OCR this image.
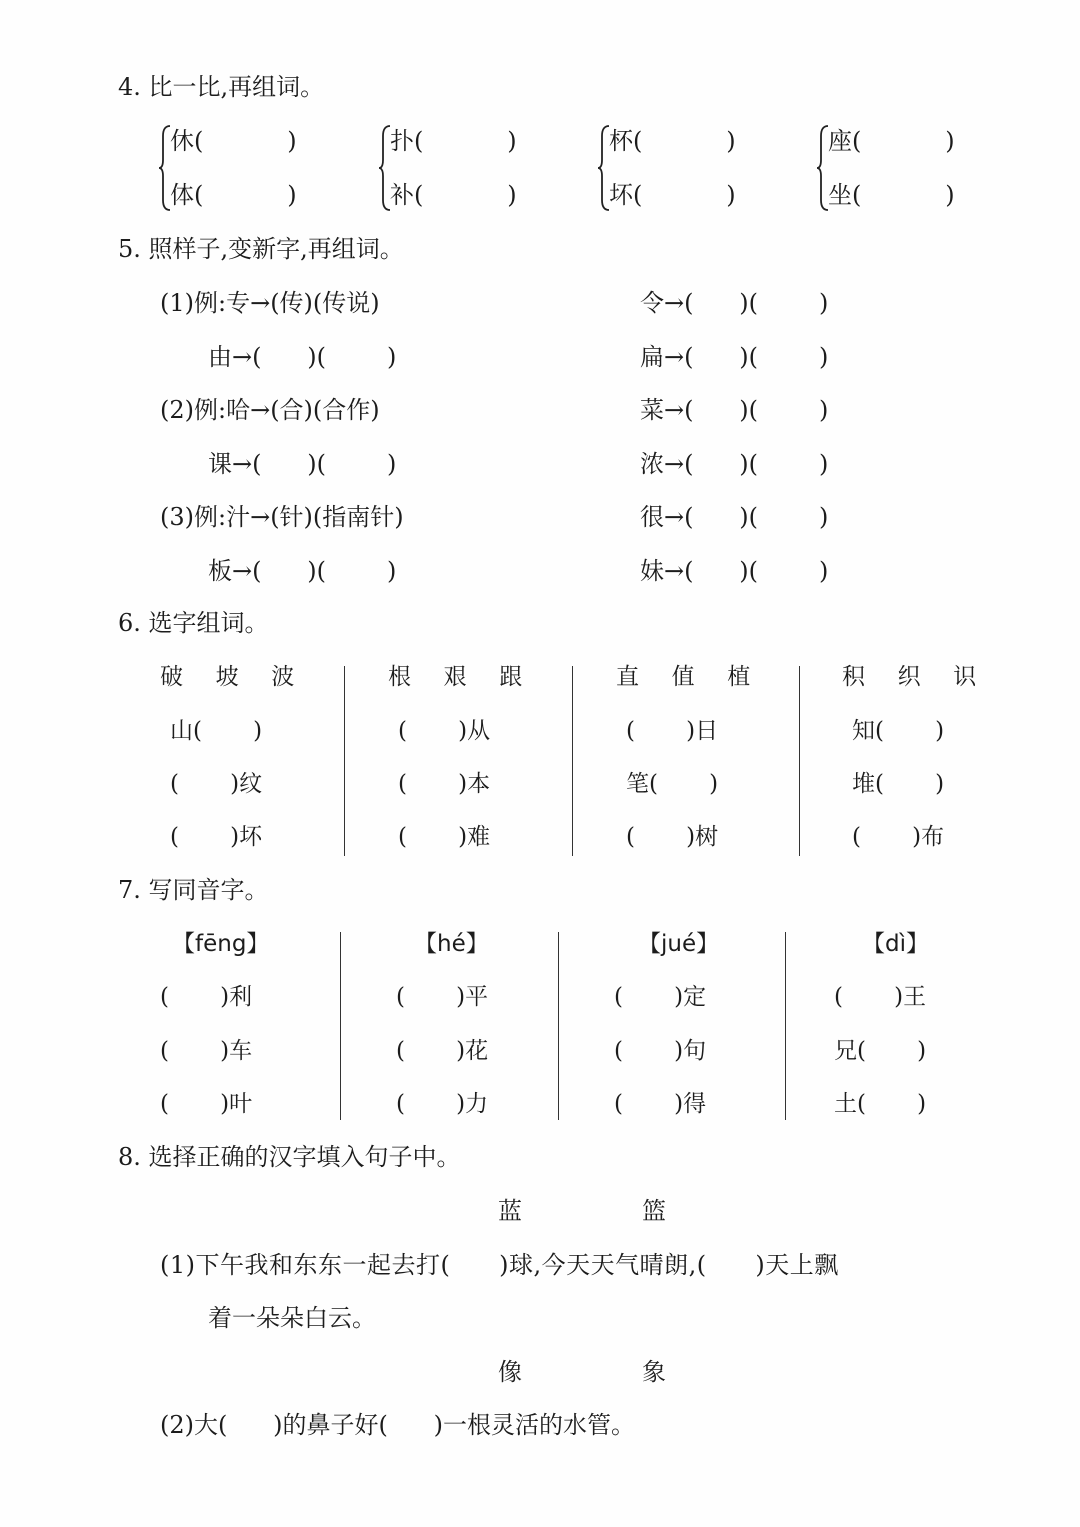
4. 比一比,再组词。
休(           )
体(           )
扑(           )
补(           )
杯(           )
坏(           )
座(           )
坐(           )
5. 照样子,变新字,再组词。
(1)例:专→(传)(传说)
由→(      )(        )
(2)例:哈→(合)(合作)
课→(      )(        )
(3)例:汁→(针)(指南针)
板→(      )(        )
令→(      )(        )
扁→(      )(        )
菜→(      )(        )
浓→(      )(        )
很→(      )(        )
妹→(      )(        )
6. 选字组词。
破  坡  波
山(       )
(       )纹
(       )坏
根  艰  跟
(       )从
(       )本
(       )难
直  值  植
(       )日
笔(       )
(       )树
积  织  识
知(       )
堆(       )
(       )布
7. 写同音字。
【fēng】
(       )利
(       )车
(       )叶
【hé】
(       )平
(       )花
(       )力
【jué】
(       )定
(       )句
(       )得
【dì】
(       )王
兄(       )
土(       )
8. 选择正确的汉字填入句子中。
蓝	篮
(1)下午我和东东一起去打(      )球,今天天气晴朗,(      )天上飘
着一朵朵白云。
像	象
(2)大(      )的鼻子好(      )一根灵活的水管。
